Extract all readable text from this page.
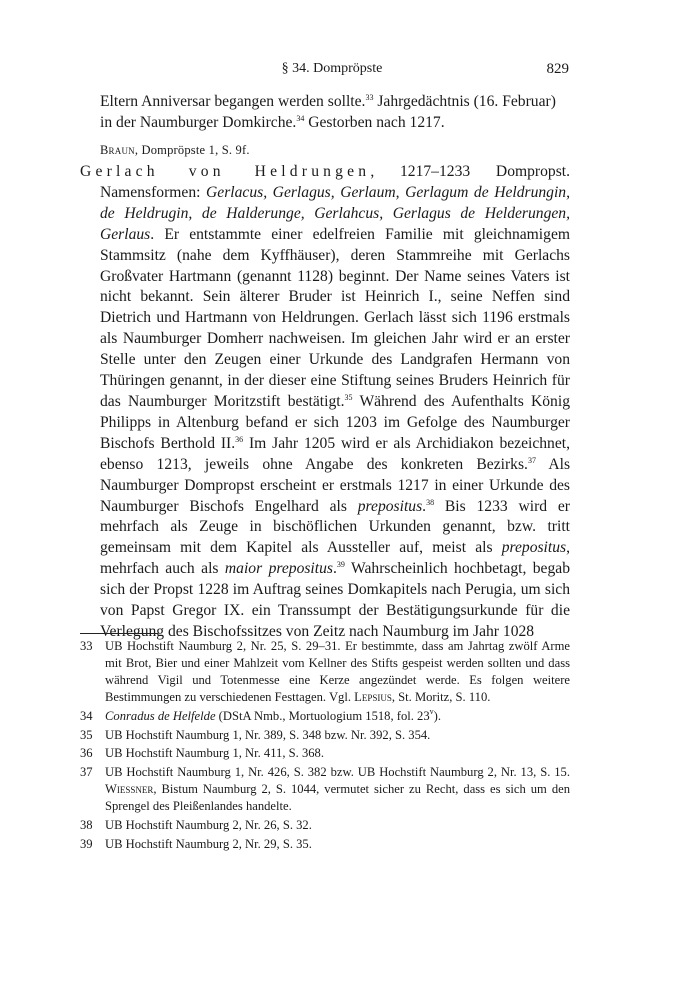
§ 34. Dompröpste	829

Eltern Anniversar begangen werden sollte.$^{33}$ Jahrgedächtnis (16. Februar)
in der Naumburger Domkirche.$^{34}$ Gestorben nach 1217.

Braun, Dompröpste 1, S. 9f.

Gerlach von Heldrungen, 1217–1233 Dompropst. Namensformen: Gerlacus, Gerlagus, Gerlaum, Gerlagum de Heldrungin, de Heldrugin, de Halderunge, Gerlahcus, Gerlagus de Helderungen, Gerlaus. Er entstammte einer edelfreien Familie mit gleichnamigem Stammsitz (nahe dem Kyffhäuser), deren Stammreihe mit Gerlachs Großvater Hartmann (genannt 1128) beginnt. Der Name seines Vaters ist nicht bekannt. Sein älterer Bruder ist Heinrich I., seine Neffen sind Dietrich und Hartmann von Heldrungen. Gerlach lässt sich 1196 erstmals als Naumburger Domherr nachweisen. Im gleichen Jahr wird er an erster Stelle unter den Zeugen einer Urkunde des Landgrafen Hermann von Thüringen genannt, in der dieser eine Stiftung seines Bruders Heinrich für das Naumburger Moritzstift bestätigt.$^{35}$ Während des Aufenthalts König Philipps in Altenburg befand er sich 1203 im Gefolge des Naumburger Bischofs Berthold II.$^{36}$ Im Jahr 1205 wird er als Archidiakon bezeichnet, ebenso 1213, jeweils ohne Angabe des konkreten Bezirks.$^{37}$ Als Naumburger Dompropst erscheint er erstmals 1217 in einer Urkunde des Naumburger Bischofs Engelhard als prepositus.$^{38}$ Bis 1233 wird er mehrfach als Zeuge in bischöflichen Urkunden genannt, bzw. tritt gemeinsam mit dem Kapitel als Aussteller auf, meist als prepositus, mehrfach auch als maior prepositus.$^{39}$ Wahrscheinlich hochbetagt, begab sich der Propst 1228 im Auftrag seines Domkapitels nach Perugia, um sich von Papst Gregor IX. ein Transsumpt der Bestätigungsurkunde für die Verlegung des Bischofssitzes von Zeitz nach Naumburg im Jahr 1028

33 UB Hochstift Naumburg 2, Nr. 25, S. 29–31. Er bestimmte, dass am Jahrtag zwölf Arme mit Brot, Bier und einer Mahlzeit vom Kellner des Stifts gespeist werden sollten und dass während Vigil und Totenmesse eine Kerze angezündet werde. Es folgen weitere Bestimmungen zu verschiedenen Festtagen. Vgl. Lepsius, St. Moritz, S. 110.
34 Conradus de Helfelde (DStA Nmb., Mortuologium 1518, fol. 23$^v$).
35 UB Hochstift Naumburg 1, Nr. 389, S. 348 bzw. Nr. 392, S. 354.
36 UB Hochstift Naumburg 1, Nr. 411, S. 368.
37 UB Hochstift Naumburg 1, Nr. 426, S. 382 bzw. UB Hochstift Naumburg 2, Nr. 13, S. 15. Wiessner, Bistum Naumburg 2, S. 1044, vermutet sicher zu Recht, dass es sich um den Sprengel des Pleißenlandes handelte.
38 UB Hochstift Naumburg 2, Nr. 26, S. 32.
39 UB Hochstift Naumburg 2, Nr. 29, S. 35.
